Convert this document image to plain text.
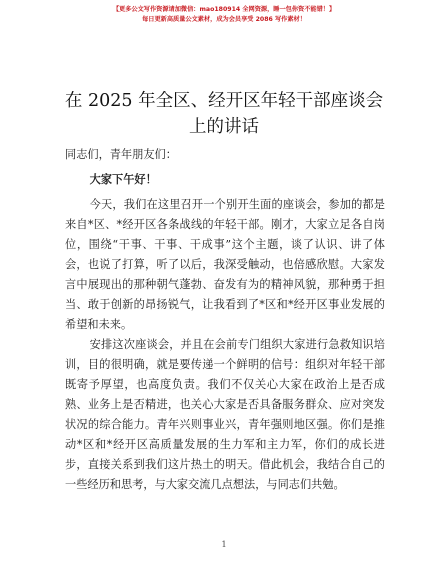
【更多公文写作资源请加微信：mao180914 全网资源，睡一包你资不能错！】
每日更新高质量公文素材，成为会员享受 2086 写作素材！
在 2025 年全区、经开区年轻干部座谈会上的讲话

同志们，青年朋友们：

大家下午好！

今天，我们在这里召开一个别开生面的座谈会，参加的都是来自*区、*经开区各条战线的年轻干部。刚才，大家立足各自岗位，围绕“干事、干事、干成事”这个主题，谈了认识、讲了体会，也说了打算，听了以后，我深受触动，也倍感欣慰。大家发言中展现出的那种朝气蓬勃、奋发有为的精神风貌，那种勇于担当、敢于创新的昂扬锐气，让我看到了*区和*经开区事业发展的希望和未来。

安排这次座谈会，并且在会前专门组织大家进行急救知识培训，目的很明确，就是要传递一个鲜明的信号：组织对年轻干部既寄予厚望，也高度负责。我们不仅关心大家在政治上是否成熟、业务上是否精进，也关心大家是否具备服务群众、应对突发状况的综合能力。青年兴则事业兴，青年强则地区强。你们是推动*区和*经开区高质量发展的生力军和主力军，你们的成长进步，直接关系到我们这片热土的明天。借此机会，我结合自己的一些经历和思考，与大家交流几点想法，与同志们共勉。

1
